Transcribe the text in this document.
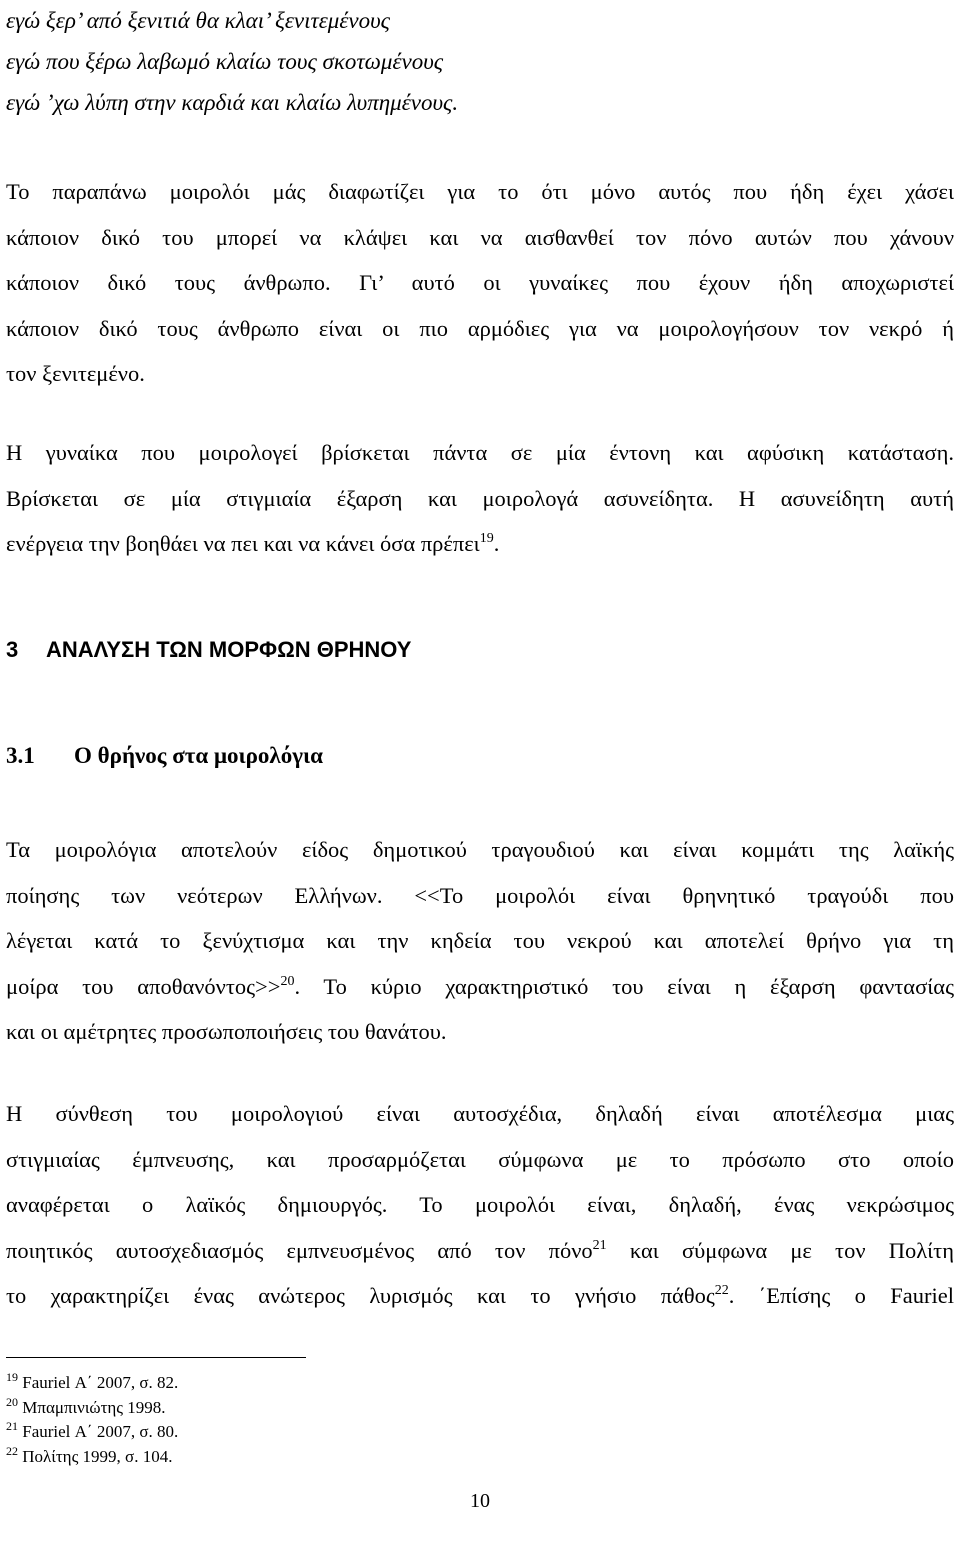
εγώ ξερ’ από ξενιτιά θα κλαι’ ξενιτεμένους
εγώ που ξέρω λαβωμό κλαίω τους σκοτωμένους
εγώ ’χω λύπη στην καρδιά και κλαίω λυπημένους.
Το παραπάνω μοιρολόι μάς διαφωτίζει για το ότι μόνο αυτός που ήδη έχει χάσει
κάποιον δικό του μπορεί να κλάψει και να αισθανθεί τον πόνο αυτών που χάνουν
κάποιον δικό τους άνθρωπο. Γι’ αυτό οι γυναίκες που έχουν ήδη αποχωριστεί
κάποιον δικό τους άνθρωπο είναι οι πιο αρμόδιες για να μοιρολογήσουν τον νεκρό ή
τον ξενιτεμένο.
Η γυναίκα που μοιρολογεί βρίσκεται πάντα σε μία έντονη και αφύσικη κατάσταση.
Βρίσκεται σε μία στιγμιαία έξαρση και μοιρολογά ασυνείδητα. Η ασυνείδητη αυτή
ενέργεια την βοηθάει να πει και να κάνει όσα πρέπει$^{19}$.
3 ΑΝΑΛΥΣΗ ΤΩΝ ΜΟΡΦΩΝ ΘΡΗΝΟΥ
3.1 Ο θρήνος στα μοιρολόγια
Τα μοιρολόγια αποτελούν είδος δημοτικού τραγουδιού και είναι κομμάτι της λαϊκής
ποίησης των νεότερων Ελλήνων. <<Το μοιρολόι είναι θρηνητικό τραγούδι που
λέγεται κατά το ξενύχτισμα και την κηδεία του νεκρού και αποτελεί θρήνο για τη
μοίρα του αποθανόντος>>$^{20}$. Το κύριο χαρακτηριστικό του είναι η έξαρση φαντασίας
και οι αμέτρητες προσωποποιήσεις του θανάτου.
Η σύνθεση του μοιρολογιού είναι αυτοσχέδια, δηλαδή είναι αποτέλεσμα μιας
στιγμιαίας έμπνευσης, και προσαρμόζεται σύμφωνα με το πρόσωπο στο οποίο
αναφέρεται ο λαϊκός δημιουργός. Το μοιρολόι είναι, δηλαδή, ένας νεκρώσιμος
ποιητικός αυτοσχεδιασμός εμπνευσμένος από τον πόνο$^{21}$ και σύμφωνα με τον Πολίτη
το χαρακτηρίζει ένας ανώτερος λυρισμός και το γνήσιο πάθος$^{22}$. ΄Επίσης ο Fauriel
$^{19}$ Fauriel Α΄ 2007, σ. 82.
$^{20}$ Μπαμπινιώτης 1998.
$^{21}$ Fauriel Α΄ 2007, σ. 80.
$^{22}$ Πολίτης 1999, σ. 104.
10
